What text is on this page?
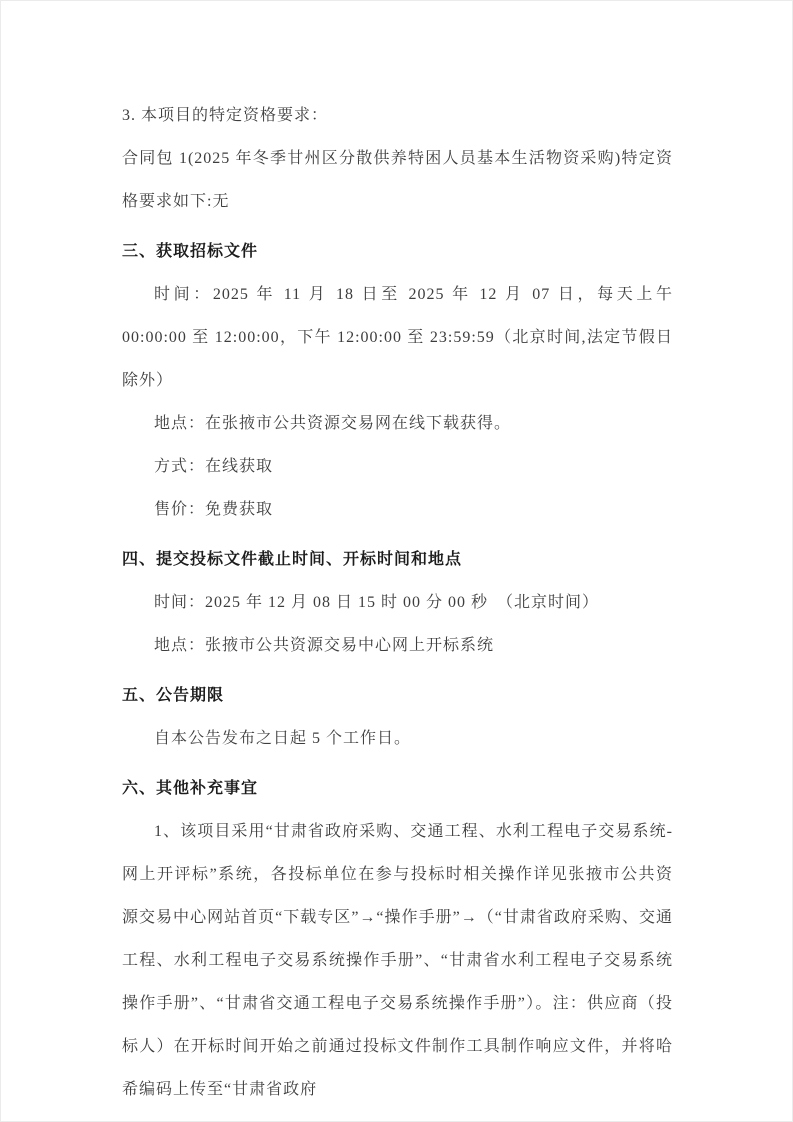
3. 本项目的特定资格要求：

合同包 1(2025 年冬季甘州区分散供养特困人员基本生活物资采购)特定资格要求如下:无

三、获取招标文件

时间：2025 年 11 月 18 日至 2025 年 12 月 07 日，每天上午 00:00:00 至 12:00:00，下午 12:00:00 至 23:59:59（北京时间,法定节假日除外）

地点：在张掖市公共资源交易网在线下载获得。

方式：在线获取

售价：免费获取

四、提交投标文件截止时间、开标时间和地点

时间：2025 年 12 月 08 日 15 时 00 分 00 秒　（北京时间）

地点：张掖市公共资源交易中心网上开标系统

五、公告期限

自本公告发布之日起 5 个工作日。

六、其他补充事宜

1、该项目采用“甘肃省政府采购、交通工程、水利工程电子交易系统-网上开评标”系统，各投标单位在参与投标时相关操作详见张掖市公共资源交易中心网站首页“下载专区”→“操作手册”→（“甘肃省政府采购、交通工程、水利工程电子交易系统操作手册”、“甘肃省水利工程电子交易系统操作手册”、“甘肃省交通工程电子交易系统操作手册”）。注：供应商（投标人）在开标时间开始之前通过投标文件制作工具制作响应文件，并将哈希编码上传至“甘肃省政府
